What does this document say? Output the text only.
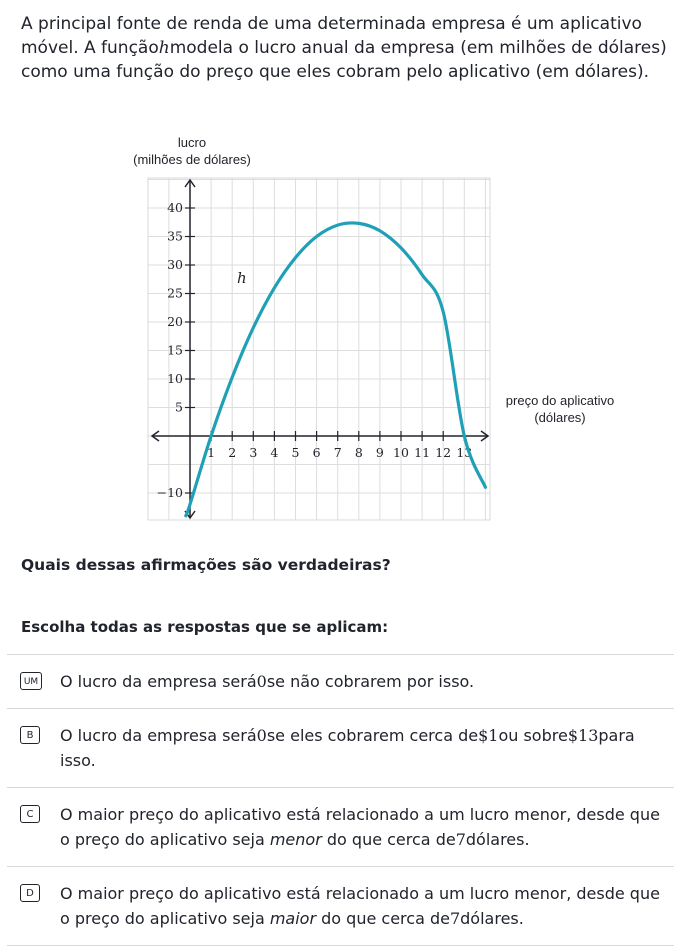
A principal fonte de renda de uma determinada empresa é um aplicativo móvel. A funçãohmodela o lucro anual da empresa (em milhões de dólares) como uma função do preço que eles cobram pelo aplicativo (em dólares).
1 2 3 4 5 6 7 8 9 10 11 12 13
40
35
30
25
20
15
10
5
−10
lucro
(milhões de dólares)
preço do aplicativo
(dólares)
h
Quais dessas afirmações são verdadeiras?
Escolha todas as respostas que se aplicam:
UM O lucro da empresa será0se não cobrarem por isso.
B	O lucro da empresa será0se eles cobrarem cerca de$1ou sobre$13para isso.
C	O maior preço do aplicativo está relacionado a um lucro menor, desde que o preço do aplicativo seja menor do que cerca de7dólares.
D	O maior preço do aplicativo está relacionado a um lucro menor, desde que o preço do aplicativo seja maior do que cerca de7dólares.
